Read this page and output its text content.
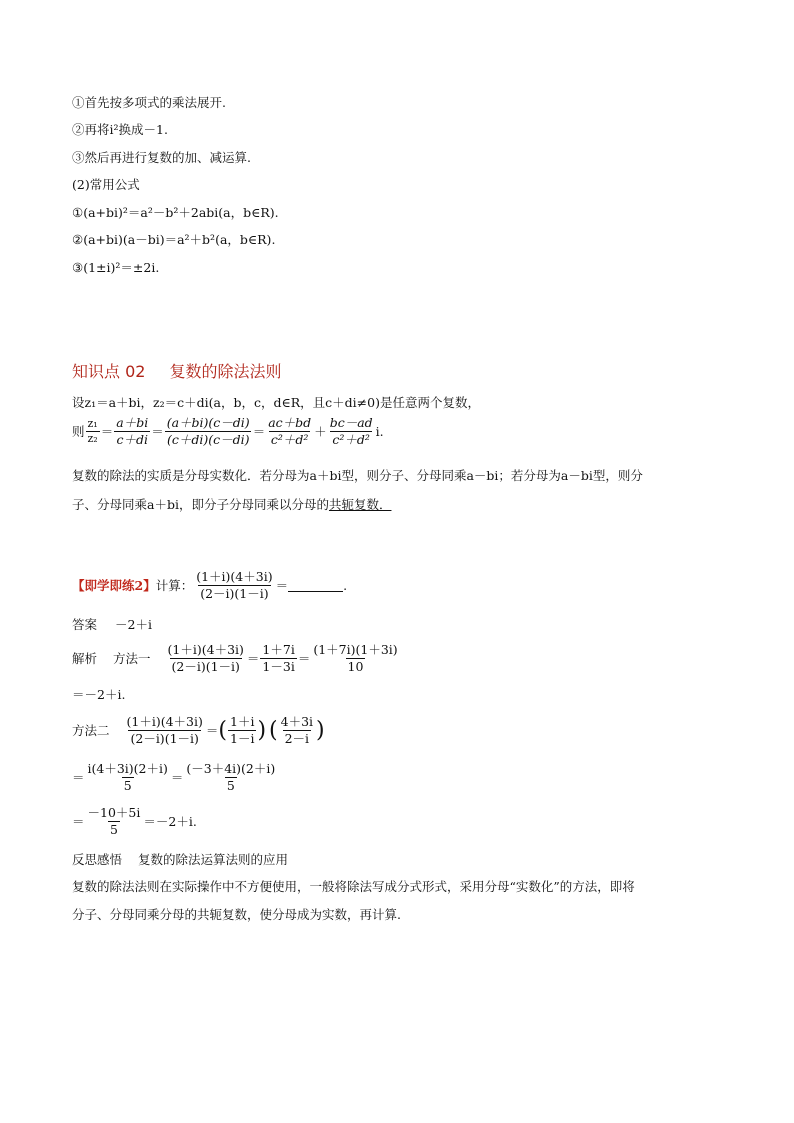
①首先按多项式的乘法展开.
②再将i²换成－1.
③然后再进行复数的加、减运算.
(2)常用公式
①(a+bi)²＝a²－b²＋2abi(a，b∈R).
②(a+bi)(a－bi)＝a²＋b²(a，b∈R).
③(1±i)²＝±2i.
知识点 02 复数的除法法则
设z₁＝a＋bi，z₂＝c＋di(a，b，c，d∈R，且c＋di≠0)是任意两个复数，
则 $\frac{\text{z₁}}{\text{z₂}} = \frac{a+bi}{c+di} = \frac{(a+bi)(c-di)}{(c+di)(c-di)} = \frac{ac+bd}{\text{c²＋d²}} + \frac{bc-ad}{\text{c²＋d²}} i$.
复数的除法的实质是分母实数化．若分母为a＋bi型，则分子、分母同乘a－bi；若分母为a－bi型，则分
子、分母同乘a＋bi，即分子分母同乘以分母的共轭复数．
【即学即练2】 计算： $\frac{(1+i)(4+3i)}{(2-i)(1-i)}$ ＝	.
答案 －2＋i
解析 方法一 $\frac{(1+i)(4+3i)}{(2-i)(1-i)} = \frac{1+7i}{1-3i} = \frac{(1+7i)(1+3i)}{10}$
＝－2＋i.
方法二 $\frac{(1+i)(4+3i)}{(2-i)(1-i)}$ ＝ ( $\frac{1+i}{1-i}$ ) ( $\frac{4+3i}{2-i}$ )
＝ $\frac{i(4+3i)(2+i)}{5} = \frac{(-3+4i)(2+i)}{5}$
＝ $\frac{-10+5i}{5} =-2+i$.
反思感悟 复数的除法运算法则的应用
复数的除法法则在实际操作中不方便使用，一般将除法写成分式形式，采用分母“实数化”的方法，即将
分子、分母同乘分母的共轭复数，使分母成为实数，再计算.
